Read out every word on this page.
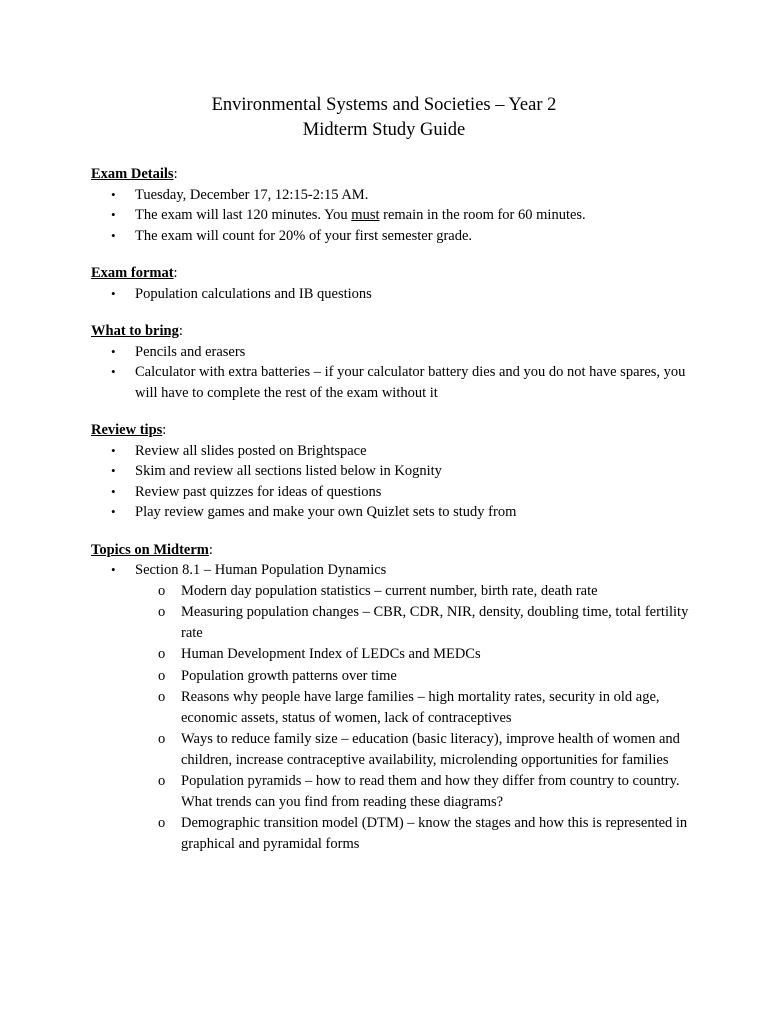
Environmental Systems and Societies – Year 2
Midterm Study Guide
Exam Details:
• Tuesday, December 17, 12:15-2:15 AM.
• The exam will last 120 minutes. You must remain in the room for 60 minutes.
• The exam will count for 20% of your first semester grade.
Exam format:
• Population calculations and IB questions
What to bring:
• Pencils and erasers
• Calculator with extra batteries – if your calculator battery dies and you do not have spares, you will have to complete the rest of the exam without it
Review tips:
• Review all slides posted on Brightspace
• Skim and review all sections listed below in Kognity
• Review past quizzes for ideas of questions
• Play review games and make your own Quizlet sets to study from
Topics on Midterm:
• Section 8.1 – Human Population Dynamics
o Modern day population statistics – current number, birth rate, death rate
o Measuring population changes – CBR, CDR, NIR, density, doubling time, total fertility rate
o Human Development Index of LEDCs and MEDCs
o Population growth patterns over time
o Reasons why people have large families – high mortality rates, security in old age, economic assets, status of women, lack of contraceptives
o Ways to reduce family size – education (basic literacy), improve health of women and children, increase contraceptive availability, microlending opportunities for families
o Population pyramids – how to read them and how they differ from country to country. What trends can you find from reading these diagrams?
o Demographic transition model (DTM) – know the stages and how this is represented in graphical and pyramidal forms
